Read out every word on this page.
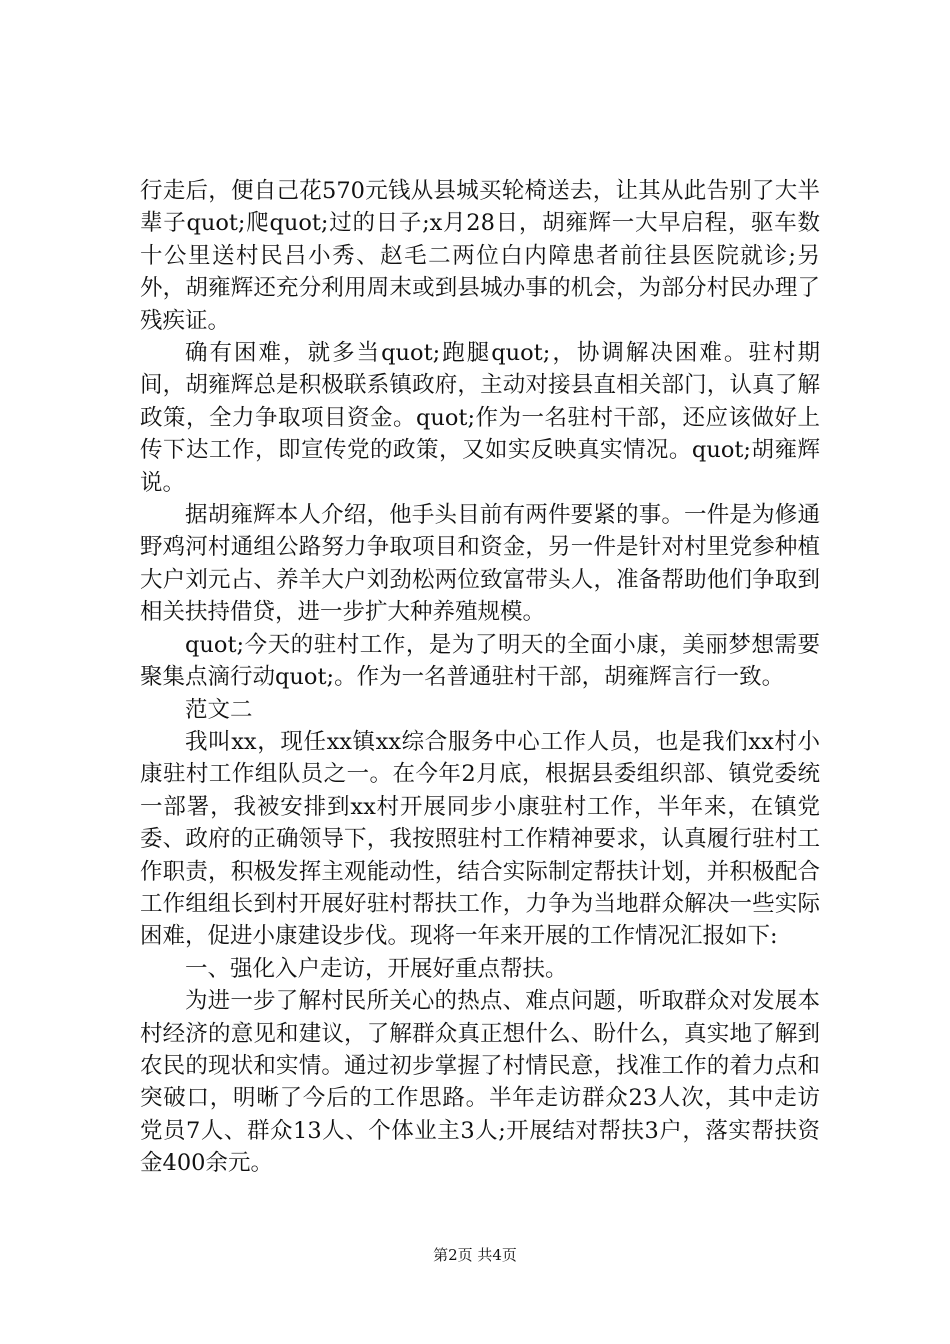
行走后，便自己花570元钱从县城买轮椅送去，让其从此告别了大半辈子quot;爬quot;过的日子;x月28日，胡雍辉一大早启程，驱车数十公里送村民吕小秀、赵毛二两位白内障患者前往县医院就诊;另外，胡雍辉还充分利用周末或到县城办事的机会，为部分村民办理了残疾证。

确有困难，就多当quot;跑腿quot;，协调解决困难。驻村期间，胡雍辉总是积极联系镇政府，主动对接县直相关部门，认真了解政策，全力争取项目资金。quot;作为一名驻村干部，还应该做好上传下达工作，即宣传党的政策，又如实反映真实情况。quot;胡雍辉说。

据胡雍辉本人介绍，他手头目前有两件要紧的事。一件是为修通野鸡河村通组公路努力争取项目和资金，另一件是针对村里党参种植大户刘元占、养羊大户刘劲松两位致富带头人，准备帮助他们争取到相关扶持借贷，进一步扩大种养殖规模。

quot;今天的驻村工作，是为了明天的全面小康，美丽梦想需要聚集点滴行动quot;。作为一名普通驻村干部，胡雍辉言行一致。

范文二

我叫xx，现任xx镇xx综合服务中心工作人员，也是我们xx村小康驻村工作组队员之一。在今年2月底，根据县委组织部、镇党委统一部署，我被安排到xx村开展同步小康驻村工作，半年来，在镇党委、政府的正确领导下，我按照驻村工作精神要求，认真履行驻村工作职责，积极发挥主观能动性，结合实际制定帮扶计划，并积极配合工作组组长到村开展好驻村帮扶工作，力争为当地群众解决一些实际困难，促进小康建设步伐。现将一年来开展的工作情况汇报如下:

一、强化入户走访，开展好重点帮扶。

为进一步了解村民所关心的热点、难点问题，听取群众对发展本村经济的意见和建议，了解群众真正想什么、盼什么，真实地了解到农民的现状和实情。通过初步掌握了村情民意，找准工作的着力点和突破口，明晰了今后的工作思路。半年走访群众23人次，其中走访党员7人、群众13人、个体业主3人;开展结对帮扶3户，落实帮扶资金400余元。

第2页 共4页
